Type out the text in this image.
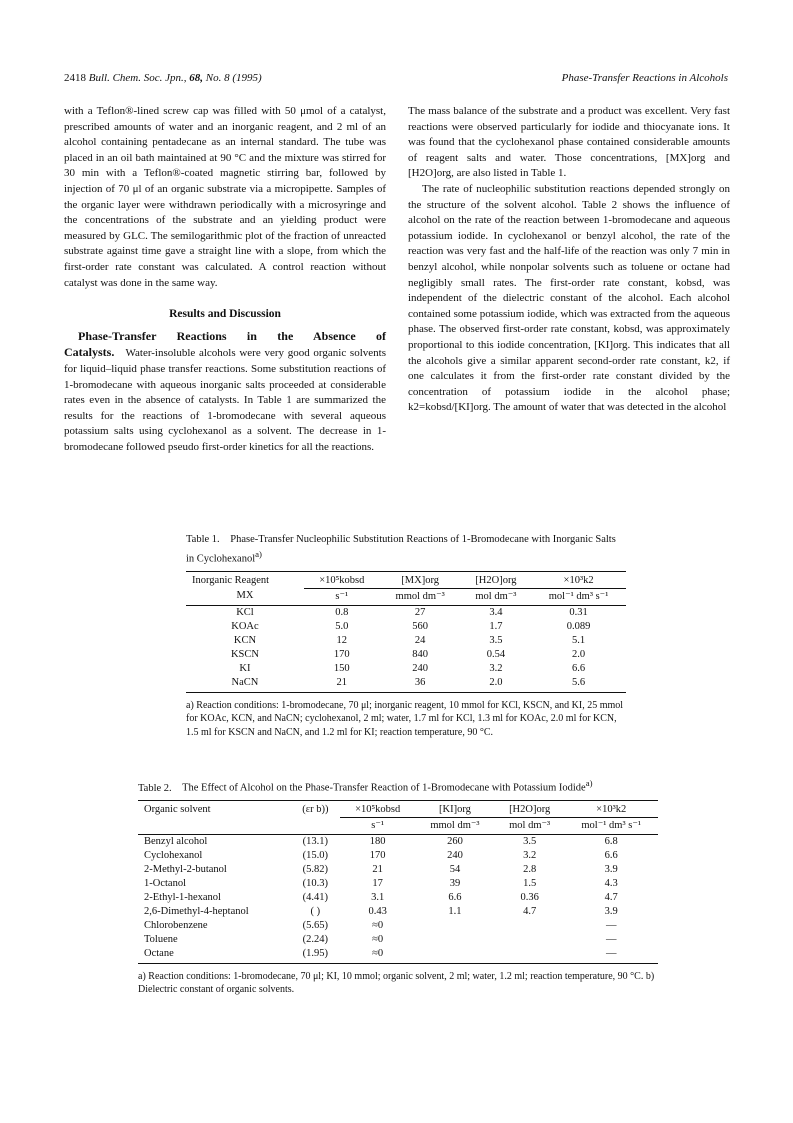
2418 Bull. Chem. Soc. Jpn., 68, No. 8 (1995)	Phase-Transfer Reactions in Alcohols

with a Teflon®-lined screw cap was filled with 50 μmol of a catalyst, prescribed amounts of water and an inorganic reagent, and 2 ml of an alcohol containing pentadecane as an internal standard. The tube was placed in an oil bath maintained at 90 °C and the mixture was stirred for 30 min with a Teflon®-coated magnetic stirring bar, followed by injection of 70 μl of an organic substrate via a micropipette. Samples of the organic layer were withdrawn periodically with a microsyringe and the concentrations of the substrate and an yielding product were measured by GLC. The semilogarithmic plot of the fraction of unreacted substrate against time gave a straight line with a slope, from which the first-order rate constant was calculated. A control reaction without catalyst was done in the same way.

Results and Discussion

Phase-Transfer Reactions in the Absence of Catalysts. Water-insoluble alcohols were very good organic solvents for liquid–liquid phase transfer reactions. Some substitution reactions of 1-bromodecane with aqueous inorganic salts proceeded at considerable rates even in the absence of catalysts. In Table 1 are summarized the results for the reactions of 1-bromodecane with several aqueous potassium salts using cyclohexanol as a solvent. The decrease in 1-bromodecane followed pseudo first-order kinetics for all the reactions.

The mass balance of the substrate and a product was excellent. Very fast reactions were observed particularly for iodide and thiocyanate ions. It was found that the cyclohexanol phase contained considerable amounts of reagent salts and water. Those concentrations, [MX]org and [H2O]org, are also listed in Table 1.

The rate of nucleophilic substitution reactions depended strongly on the structure of the solvent alcohol. Table 2 shows the influence of alcohol on the rate of the reaction between 1-bromodecane and aqueous potassium iodide. In cyclohexanol or benzyl alcohol, the rate of the reaction was very fast and the half-life of the reaction was only 7 min in benzyl alcohol, while nonpolar solvents such as toluene or octane had negligibly small rates. The first-order rate constant, kobsd, was independent of the dielectric constant of the alcohol. Each alcohol contained some potassium iodide, which was extracted from the aqueous phase. The observed first-order rate constant, kobsd, was approximately proportional to this iodide concentration, [KI]org. This indicates that all the alcohols give a similar apparent second-order rate constant, k2, if one calculates it from the first-order rate constant divided by the concentration of potassium iodide in the alcohol phase; k2=kobsd/[KI]org. The amount of water that was detected in the alcohol

Table 1. Phase-Transfer Nucleophilic Substitution Reactions of 1-Bromodecane with Inorganic Salts in Cyclohexanol$^{a)}$
Inorganic Reagent	×10⁵kobsd	[MX]org	[H2O]org	×10³k2
MX	s⁻¹	mmol dm⁻³	mol dm⁻³	mol⁻¹ dm³ s⁻¹
KCl	0.8	27	3.4	0.31
KOAc	5.0	560	1.7	0.089
KCN	12	24	3.5	5.1
KSCN	170	840	0.54	2.0
KI	150	240	3.2	6.6
NaCN	21	36	2.0	5.6
a) Reaction conditions: 1-bromodecane, 70 μl; inorganic reagent, 10 mmol for KCl, KSCN, and KI, 25 mmol for KOAc, KCN, and NaCN; cyclohexanol, 2 ml; water, 1.7 ml for KCl, 1.3 ml for KOAc, 2.0 ml for KCN, 1.5 ml for KSCN and NaCN, and 1.2 ml for KI; reaction temperature, 90 °C.
Table 2. The Effect of Alcohol on the Phase-Transfer Reaction of 1-Bromodecane with Potassium Iodide$^{a)}$
Organic solvent	(εr b))	×10⁵kobsd	[KI]org	[H2O]org	×10³k2
		s⁻¹	mmol dm⁻³	mol dm⁻³	mol⁻¹ dm³ s⁻¹
Benzyl alcohol	(13.1)	180	260	3.5	6.8
Cyclohexanol	(15.0)	170	240	3.2	6.6
2-Methyl-2-butanol	(5.82)	21	54	2.8	3.9
1-Octanol	(10.3)	17	39	1.5	4.3
2-Ethyl-1-hexanol	(4.41)	3.1	6.6	0.36	4.7
2,6-Dimethyl-4-heptanol	( )	0.43	1.1	4.7	3.9
Chlorobenzene	(5.65)	≈0			—
Toluene	(2.24)	≈0			—
Octane	(1.95)	≈0			—
a) Reaction conditions: 1-bromodecane, 70 μl; KI, 10 mmol; organic solvent, 2 ml; water, 1.2 ml; reaction temperature, 90 °C. b) Dielectric constant of organic solvents.
